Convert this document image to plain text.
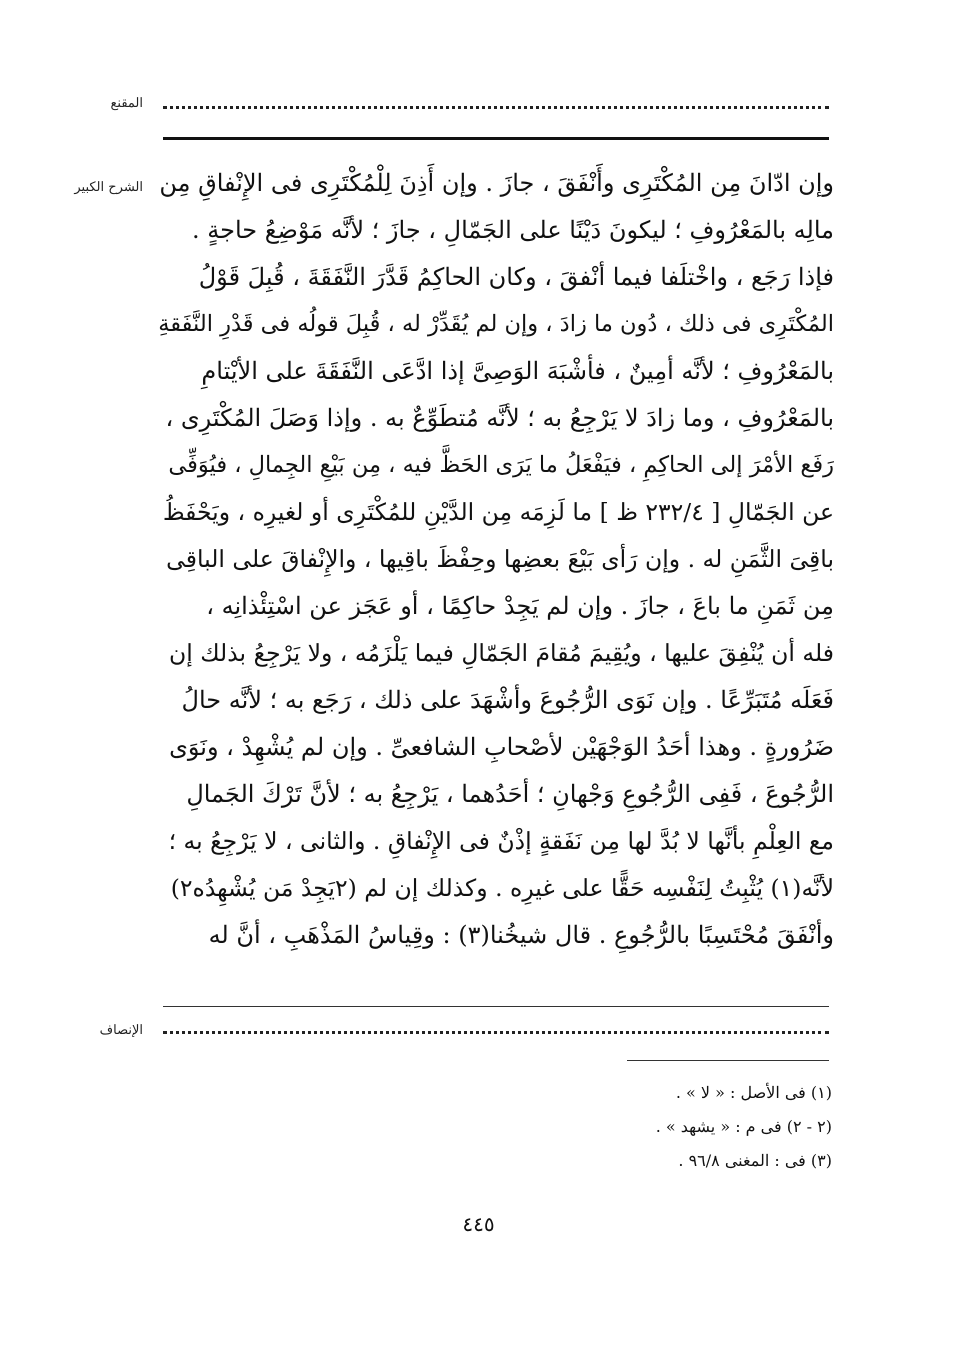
المقنع
الشرح الكبير وإن ادّانَ مِن المُكْتَرِى وأَنْفَقَ ، جازَ . وإن أَذِنَ لِلْمُكْتَرِى فى الإِنْفاقِ مِن
مالِه بالمَعْرُوفِ ؛ ليكونَ دَيْنًا على الجَمّالِ ، جازَ ؛ لأنَّه مَوْضِعُ حاجةٍ .
فإذا رَجَع ، واخْتلَفا فيما أنْفقَ ، وكان الحاكِمُ قَدَّرَ النَّفَقَةَ ، قُبِلَ قَوْلُ
المُكْتَرِى فى ذلك ، دُون ما زادَ ، وإن لم يُقَدِّرْ له ، قُبِلَ قولُه فى قَدْرِ النَّفَقةِ
بالمَعْرُوفِ ؛ لأنَّه أمِينٌ ، فأشْبَهَ الوَصِىَّ إذا ادَّعَى النَّفَقَةَ على الأيْتامِ
بالمَعْرُوفِ ، وما زادَ لا يَرْجِعُ به ؛ لأنَّه مُتطَوِّعٌ به . وإذا وَصَلَ المُكْتَرِى ،
رَفَع الأمْرَ إلى الحاكِمِ ، فيَفْعَلُ ما يَرَى الحَظَّ فيه ، مِن بَيْعِ الجِمالِ ، فيُوَفِّى
عن الجَمّالِ [ ٢٣٢/٤ ظ ] ما لَزِمَه مِن الدَّيْنِ للمُكْتَرِى أو لغيرِه ، ويَحْفَظُ
باقِىَ الثَّمَنِ له . وإن رَأى بَيْعَ بعضِها وحِفْظَ باقِيها ، والإِنْفاقَ على الباقِى
مِن ثَمَنِ ما باعَ ، جازَ . وإن لم يَجِدْ حاكِمًا ، أو عَجَز عن اسْتِئْذانِه ،
فله أن يُنْفِقَ عليها ، ويُقِيمَ مُقامَ الجَمّالِ فيما يَلْزَمُه ، ولا يَرْجِعُ بذلك إن
فَعَلَه مُتَبَرِّعًا . وإن نَوَى الرُّجُوعَ وأشْهَدَ على ذلك ، رَجَع به ؛ لأنَّه حالُ
ضَرُورةٍ . وهذا أحَدُ الوَجْهَيْن لأصْحابِ الشافعىِّ . وإن لم يُشْهِدْ ، ونَوَى
الرُّجُوعَ ، فَفِى الرُّجُوعِ وَجْهانِ ؛ أحَدُهما ، يَرْجِعُ به ؛ لأنَّ تَرْكَ الجَمالِ
مع العِلْمِ بأنَّها لا بُدَّ لها مِن نَفَقةٍ إذْنٌ فى الإِنْفاقِ . والثانى ، لا يَرْجِعُ به ؛
لأنَّه(١) يُثْبِتُ لِنَفْسِه حَقًّا على غيرِه . وكذلك إن لم (٢يَجِدْ مَن يُشْهِدُه٢)
وأنْفَقَ مُحْتَسِبًا بالرُّجُوعِ . قال شيخُنا(٣) : وقِياسُ المَذْهَبِ ، أنَّ له
الإنصاف
(١) فى الأصل : « لا » .
(٢ - ٢) فى م : « يشهد » .
(٣) فى : المغنى ٩٦/٨ .
٤٤٥
